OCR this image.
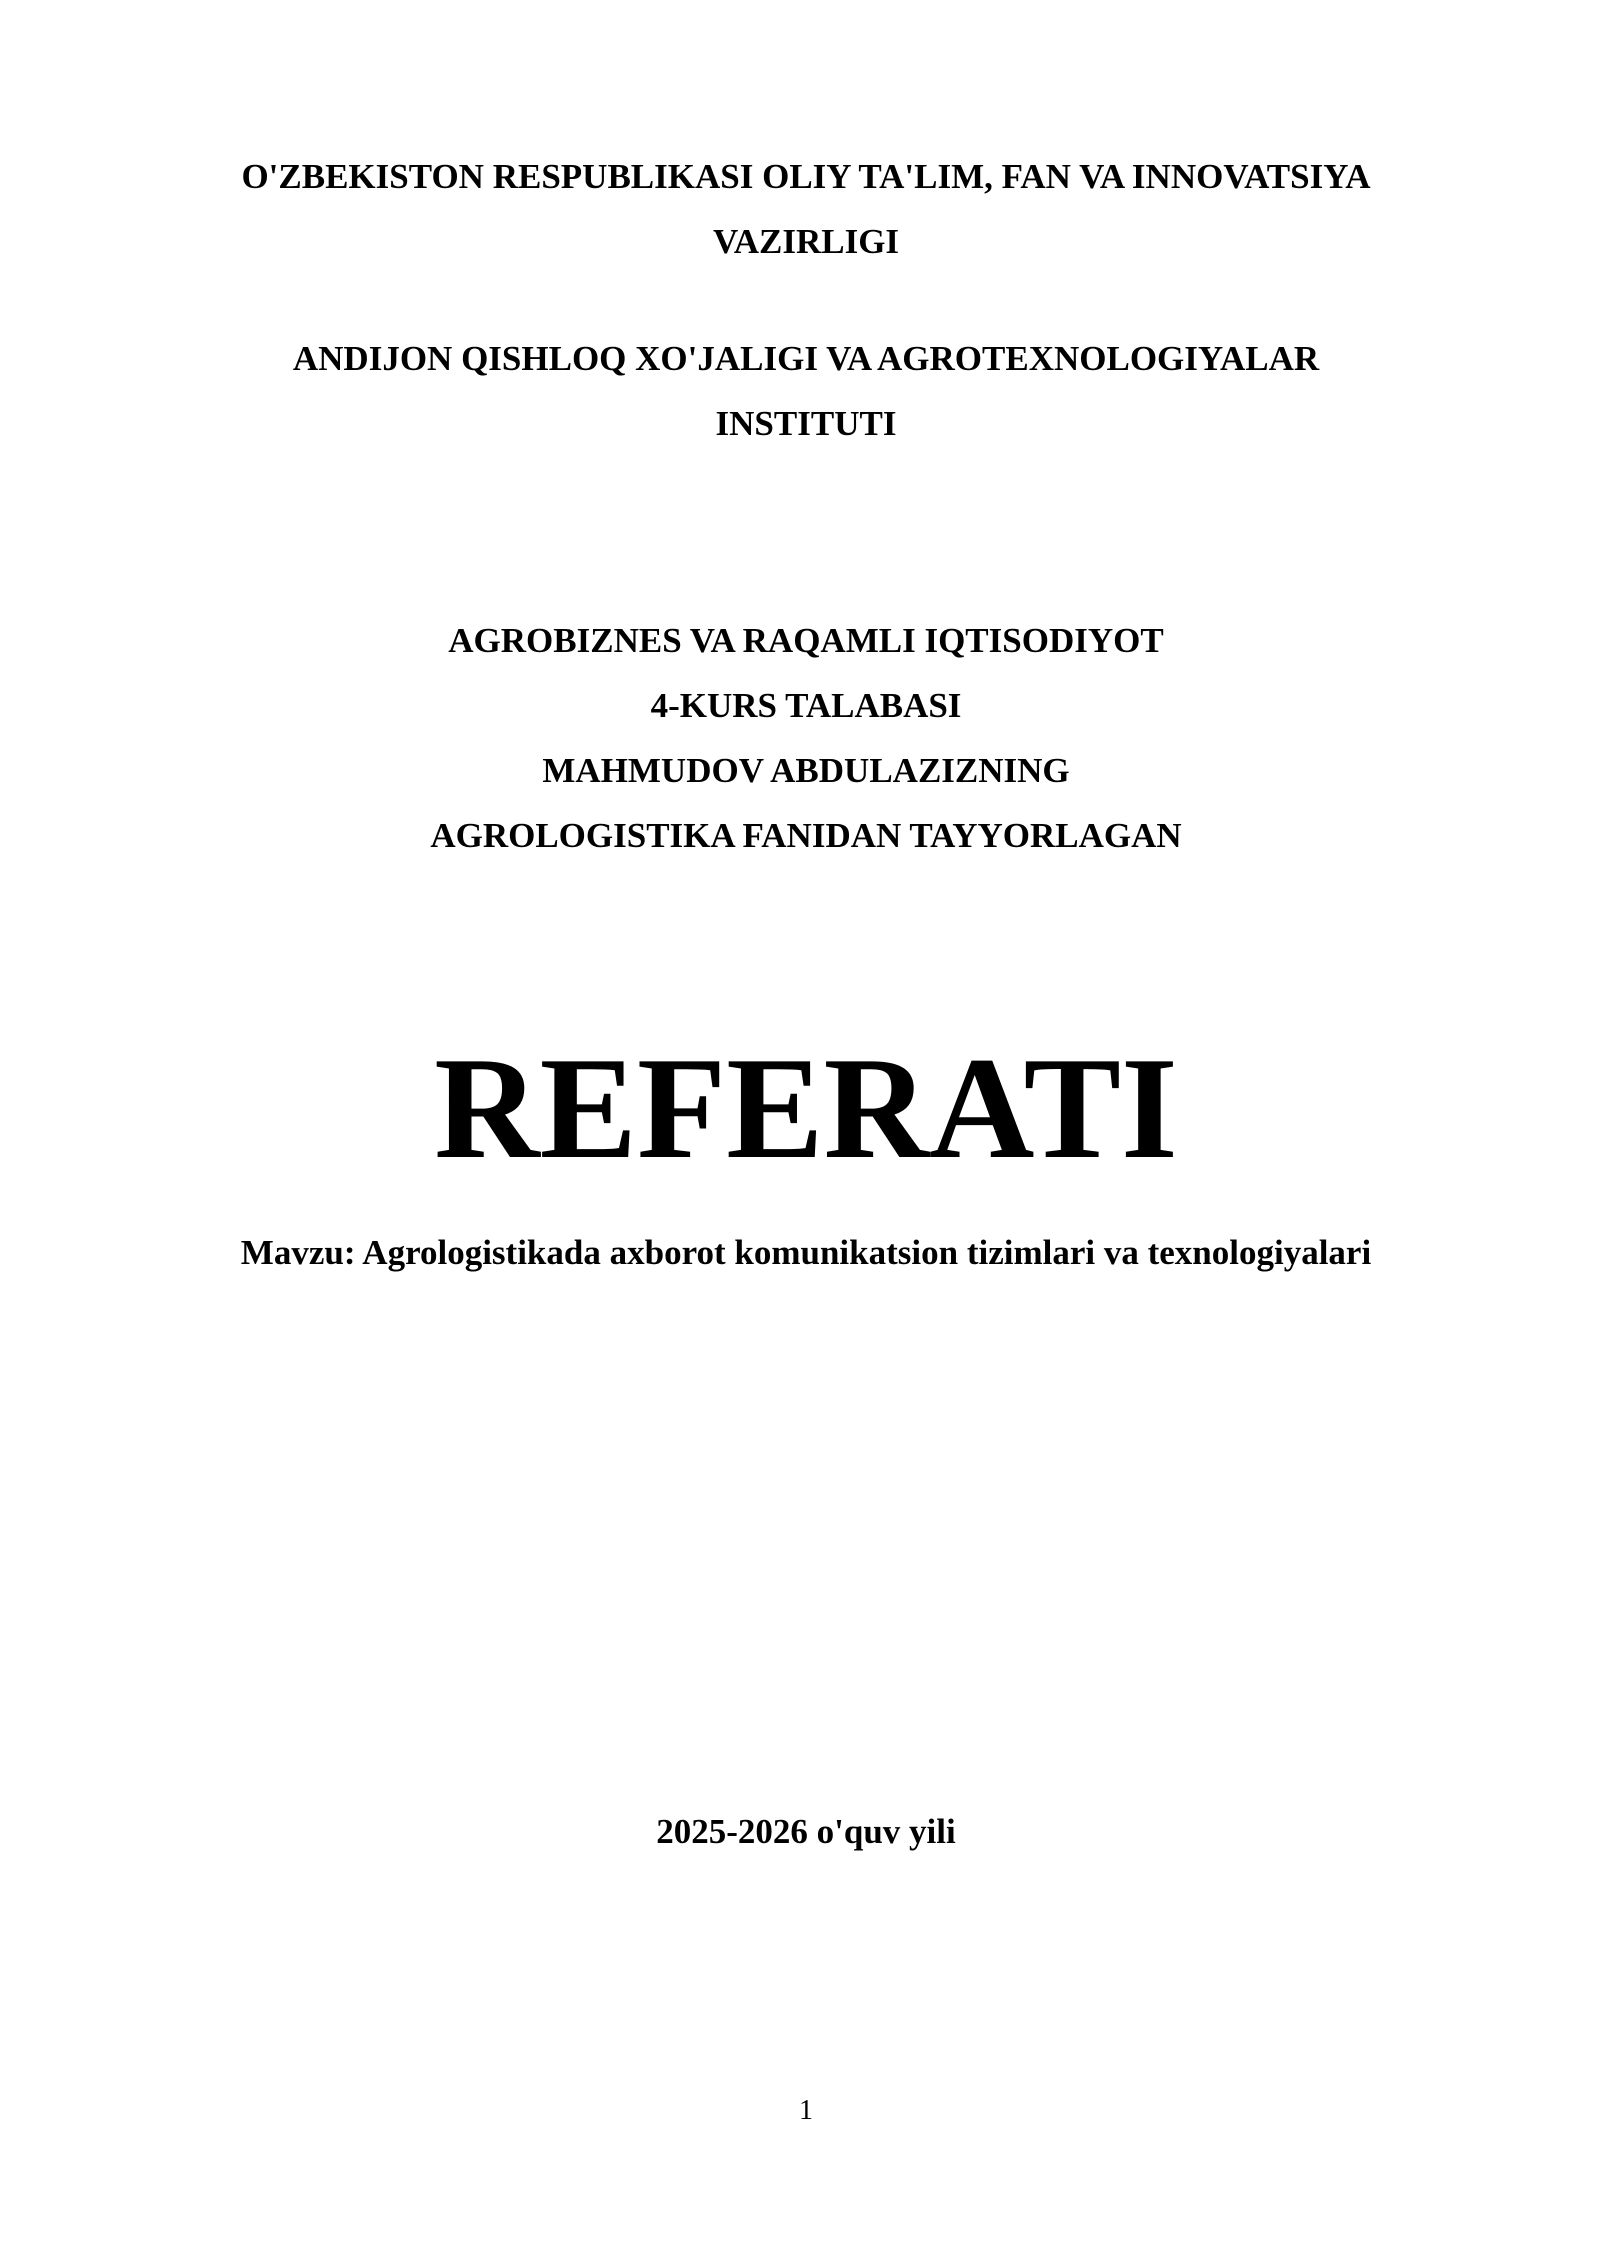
O'ZBEKISTON RESPUBLIKASI OLIY TA'LIM, FAN VA INNOVATSIYA
VAZIRLIGI
ANDIJON QISHLOQ XO'JALIGI VA AGROTEXNOLOGIYALAR
INSTITUTI
AGROBIZNES VA RAQAMLI IQTISODIYOT
4-KURS TALABASI
MAHMUDOV ABDULAZIZNING
AGROLOGISTIKA FANIDAN TAYYORLAGAN
REFERATI
Mavzu: Agrologistikada axborot komunikatsion tizimlari va texnologiyalari
2025-2026 o'quv yili
1
